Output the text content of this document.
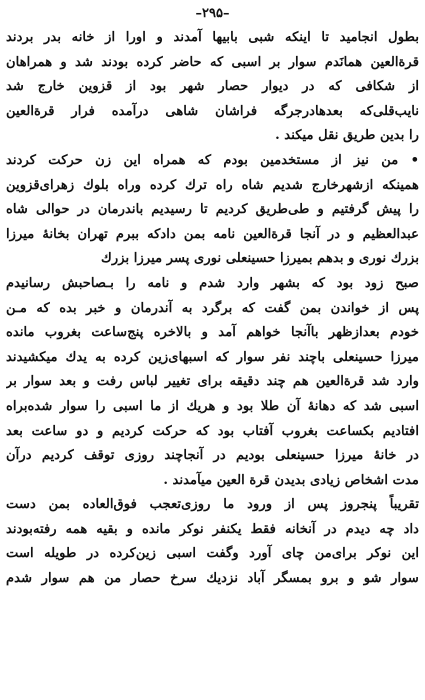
–۲۹۵–
بطول انجامید تا اینکه شبی بابیها آمدند و اورا از خانه بدر بردند
قرةالعین همانَدم سوار بر اسبی که حاضر کرده بودند شد و همراهان
از شکافی که در دیوار حصار شهر بود از قزوین خارج شد
نایب‌قلی‌که بعدهادرجرگه فراشان شاهی درآمده فرار قرةالعین
را بدین طریق نقل میکند .
• من نیز از مستخدمین بودم که همراه این زن حرکت کردند
همینکه ازشهرخارج شدیم شاه راه ترك کرده وراه بلوك زهرای‌قزوین
را پیش گرفتیم و طی‌طریق کردیم تا رسیدیم باندرمان در حوالی شاه
عبدالعظیم و در آنجا قرةالعین نامه بمن دادکه ببرم تهران بخانهٔ میرزا
بزرك نوری و بدهم بمیرزا حسینعلی نوری پسر میرزا بزرك
صبح زود بود که بشهر وارد شدم و نامه را بـصاحبش رسانیدم
پس از خواندن بمن گفت که برگرد به آندرمان و خبر بده که مـن
خودم بعدازظهر باآنجا خواهم آمد و بالاخره پنج‌ساعت بغروب مانده
میرزا حسینعلی باچند نفر سوار که اسبهای‌زین کرده به یدك میکشیدند
وارد شد قرةالعین هم چند دقیقه برای تغییر لباس رفت و بعد سوار بر
اسبی شد که دهانهٔ آن طلا بود و هریك از ما اسبی را سوار شده‌براه
افتادیم بکساعت بغروب آفتاب بود که حرکت کردیم و دو ساعت بعد
در خانهٔ میرزا حسینعلی بودیم در آنجاچند روزی توقف کردیم درآن
مدت اشخاص زیادی بدیدن قرة العین میآمدند .
تقریباً پنجروز پس از ورود ما روزی‌تعجب فوق‌العاده بمن دست
داد چه دیدم در آنخانه فقط یکنفر نوکر مانده و بقیه همه رفته‌بودند
این نوکر برای‌من چای آورد وگفت اسبی زین‌کرده در طویله است
سوار شو و برو بمسگر آباد نزدیك سرخ حصار من هم سوار شدم
